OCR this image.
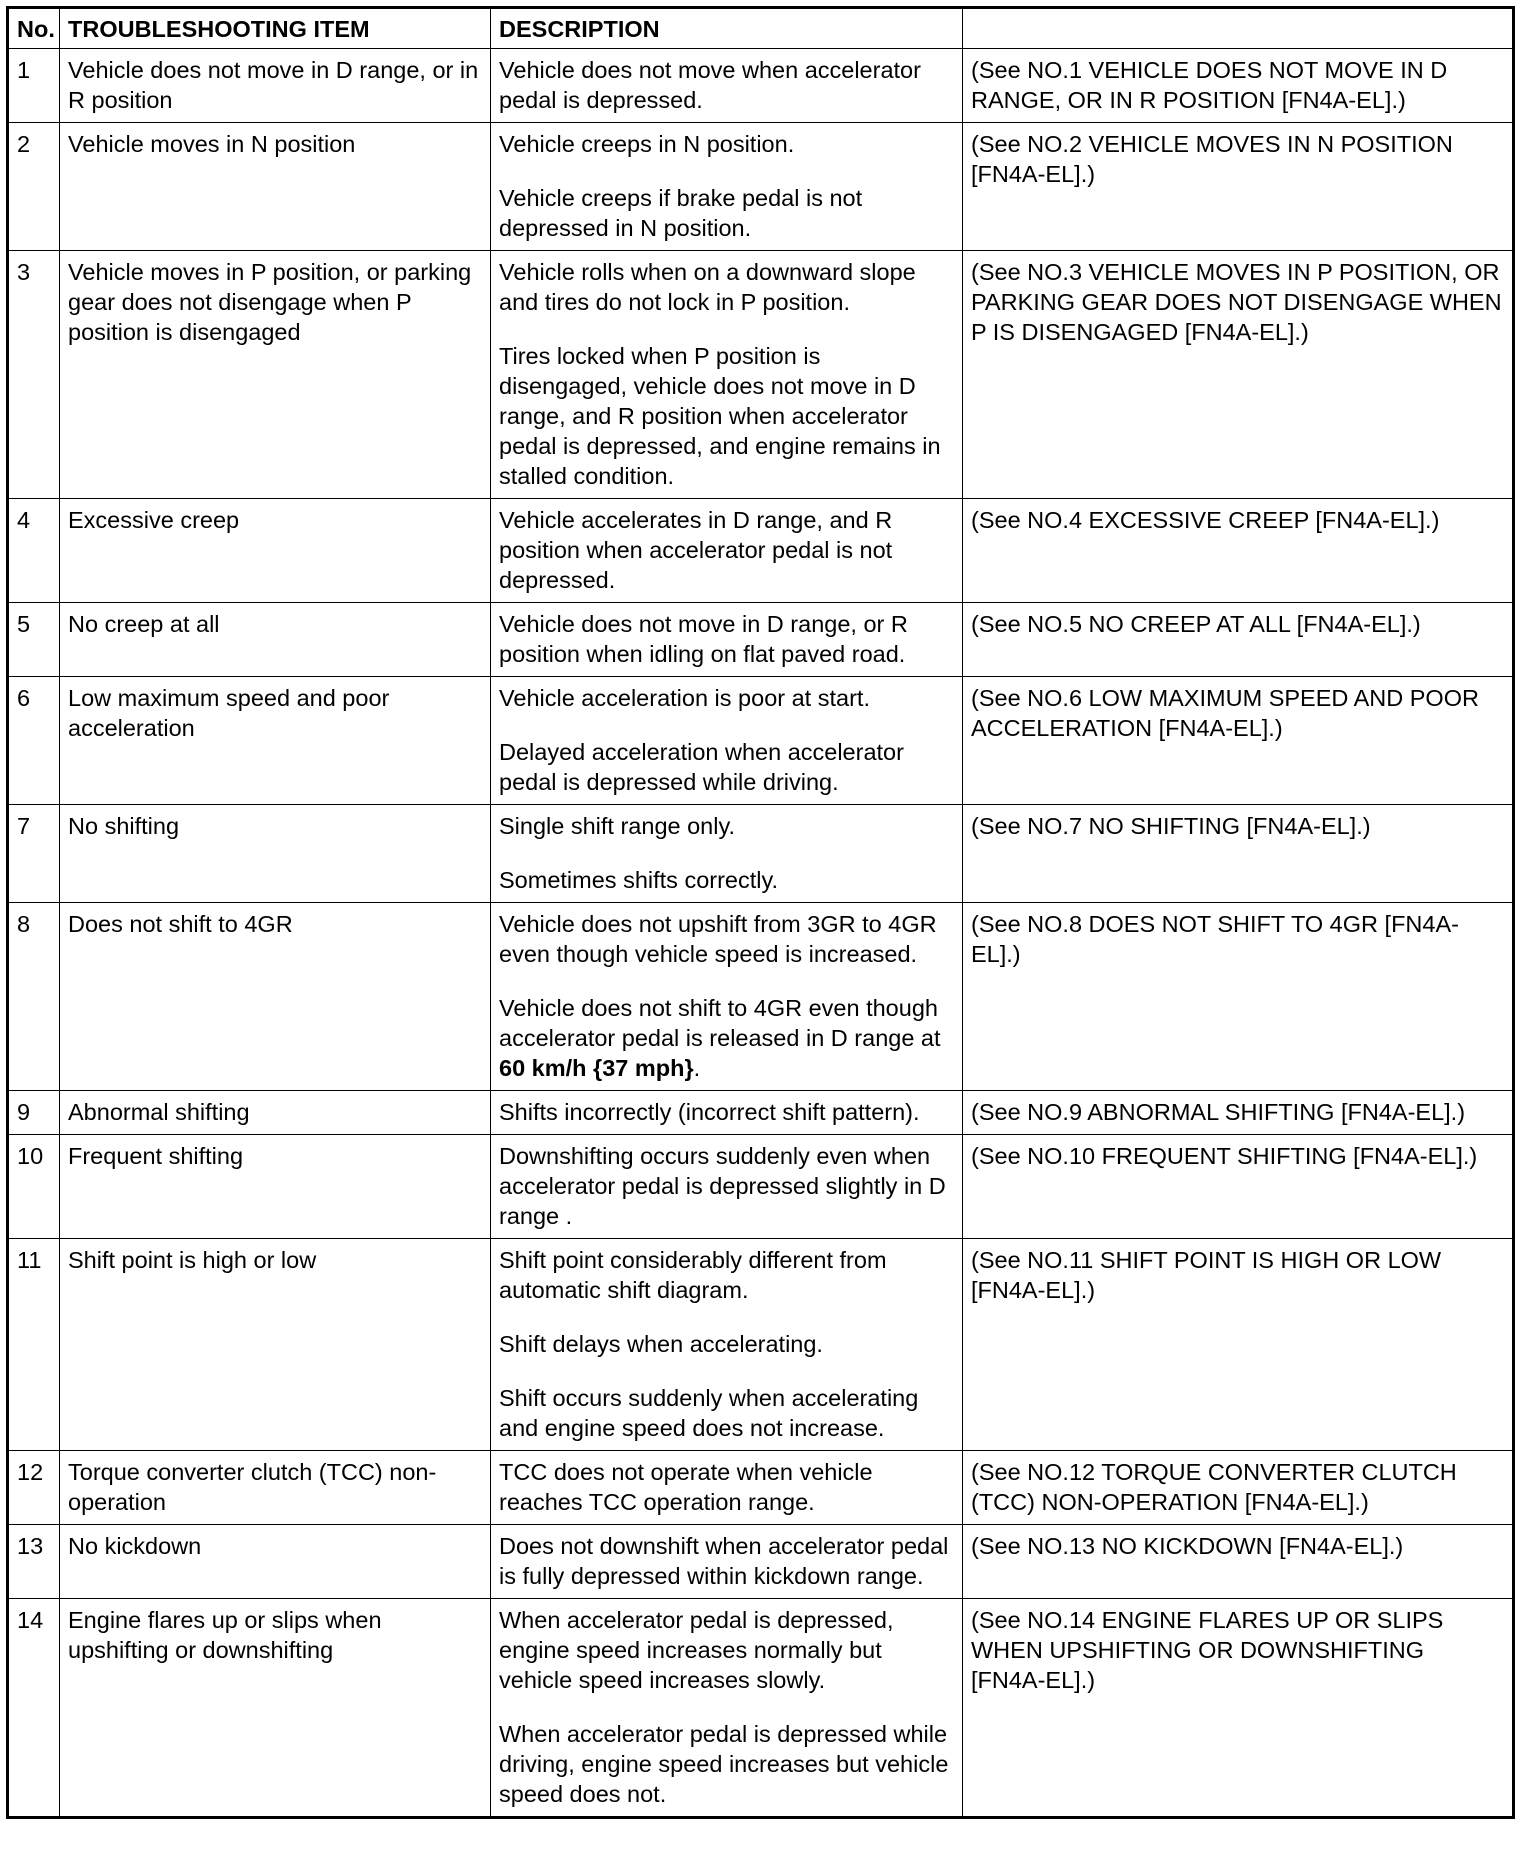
No.	TROUBLESHOOTING ITEM	DESCRIPTION	
1	Vehicle does not move in D range, or in R position	Vehicle does not move when accelerator pedal is depressed.	(See NO.1 VEHICLE DOES NOT MOVE IN D RANGE, OR IN R POSITION [FN4A-EL].)
2	Vehicle moves in N position	Vehicle creeps in N position.

Vehicle creeps if brake pedal is not depressed in N position.	(See NO.2 VEHICLE MOVES IN N POSITION [FN4A-EL].)
3	Vehicle moves in P position, or parking gear does not disengage when P position is disengaged	Vehicle rolls when on a downward slope and tires do not lock in P position.

Tires locked when P position is disengaged, vehicle does not move in D range, and R position when accelerator pedal is depressed, and engine remains in stalled condition.	(See NO.3 VEHICLE MOVES IN P POSITION, OR PARKING GEAR DOES NOT DISENGAGE WHEN P IS DISENGAGED [FN4A-EL].)
4	Excessive creep	Vehicle accelerates in D range, and R position when accelerator pedal is not depressed.	(See NO.4 EXCESSIVE CREEP [FN4A-EL].)
5	No creep at all	Vehicle does not move in D range, or R position when idling on flat paved road.	(See NO.5 NO CREEP AT ALL [FN4A-EL].)
6	Low maximum speed and poor acceleration	Vehicle acceleration is poor at start.

Delayed acceleration when accelerator pedal is depressed while driving.	(See NO.6 LOW MAXIMUM SPEED AND POOR ACCELERATION [FN4A-EL].)
7	No shifting	Single shift range only.

Sometimes shifts correctly.	(See NO.7 NO SHIFTING [FN4A-EL].)
8	Does not shift to 4GR	Vehicle does not upshift from 3GR to 4GR even though vehicle speed is increased.

Vehicle does not shift to 4GR even though accelerator pedal is released in D range at 60 km/h {37 mph}.	(See NO.8 DOES NOT SHIFT TO 4GR [FN4A-EL].)
9	Abnormal shifting	Shifts incorrectly (incorrect shift pattern).	(See NO.9 ABNORMAL SHIFTING [FN4A-EL].)
10	Frequent shifting	Downshifting occurs suddenly even when accelerator pedal is depressed slightly in D range .	(See NO.10 FREQUENT SHIFTING [FN4A-EL].)
11	Shift point is high or low	Shift point considerably different from automatic shift diagram.

Shift delays when accelerating.

Shift occurs suddenly when accelerating and engine speed does not increase.	(See NO.11 SHIFT POINT IS HIGH OR LOW [FN4A-EL].)
12	Torque converter clutch (TCC) non-operation	TCC does not operate when vehicle reaches TCC operation range.	(See NO.12 TORQUE CONVERTER CLUTCH (TCC) NON-OPERATION [FN4A-EL].)
13	No kickdown	Does not downshift when accelerator pedal is fully depressed within kickdown range.	(See NO.13 NO KICKDOWN [FN4A-EL].)
14	Engine flares up or slips when upshifting or downshifting	When accelerator pedal is depressed, engine speed increases normally but vehicle speed increases slowly.

When accelerator pedal is depressed while driving, engine speed increases but vehicle speed does not.	(See NO.14 ENGINE FLARES UP OR SLIPS WHEN UPSHIFTING OR DOWNSHIFTING [FN4A-EL].)
